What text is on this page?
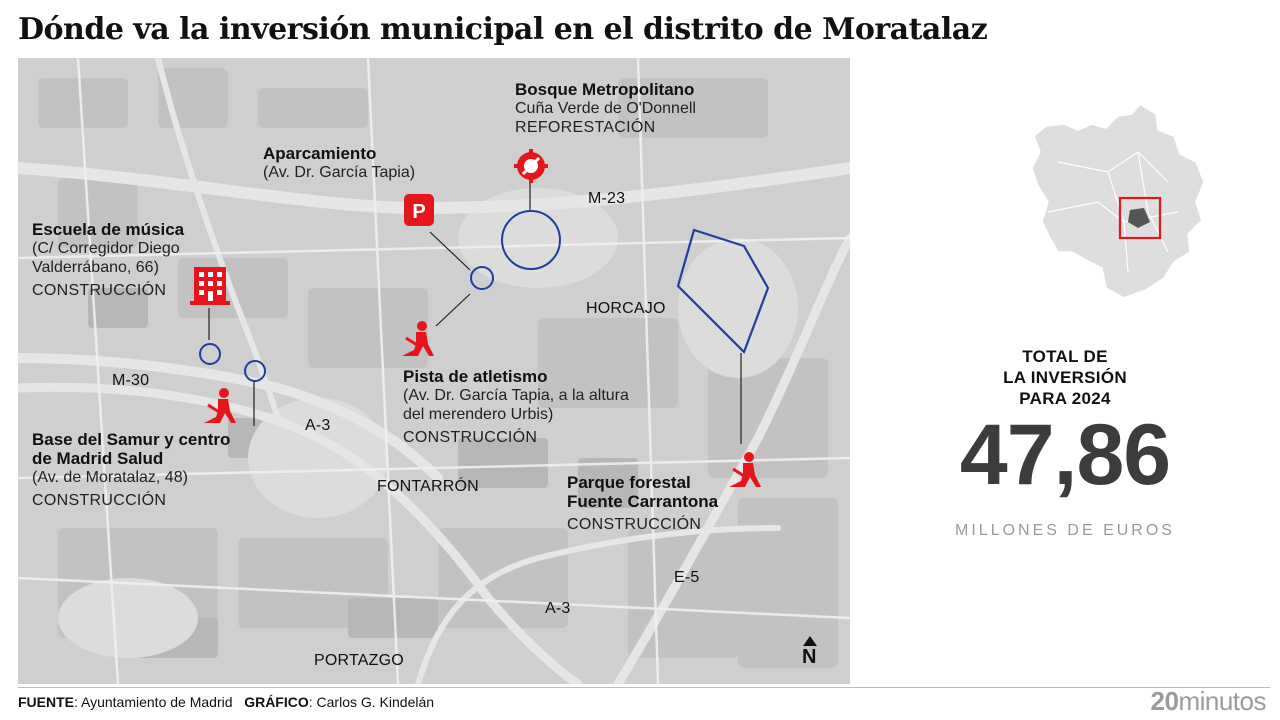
Dónde va la inversión municipal en el distrito de Moratalaz
M-23
M-30
A-3
A-3
E-5
HORCAJO
FONTARRÓN
PORTAZGO
P
Bosque Metropolitano
Cuña Verde de O'Donnell
REFORESTACIÓN
Aparcamiento
(Av. Dr. García Tapia)
Escuela de música
(C/ Corregidor Diego
Valderrábano, 66)
CONSTRUCCIÓN
Pista de atletismo
(Av. Dr. García Tapia, a la altura
del merendero Urbis)
CONSTRUCCIÓN
Base del Samur y centro
de Madrid Salud
(Av. de Moratalaz, 48)
CONSTRUCCIÓN
Parque forestal
Fuente Carrantona
CONSTRUCCIÓN
N
TOTAL DE
LA INVERSIÓN
PARA 2024
47,86
MILLONES DE EUROS
FUENTE: Ayuntamiento de Madrid GRÁFICO: Carlos G. Kindelán	20minutos
